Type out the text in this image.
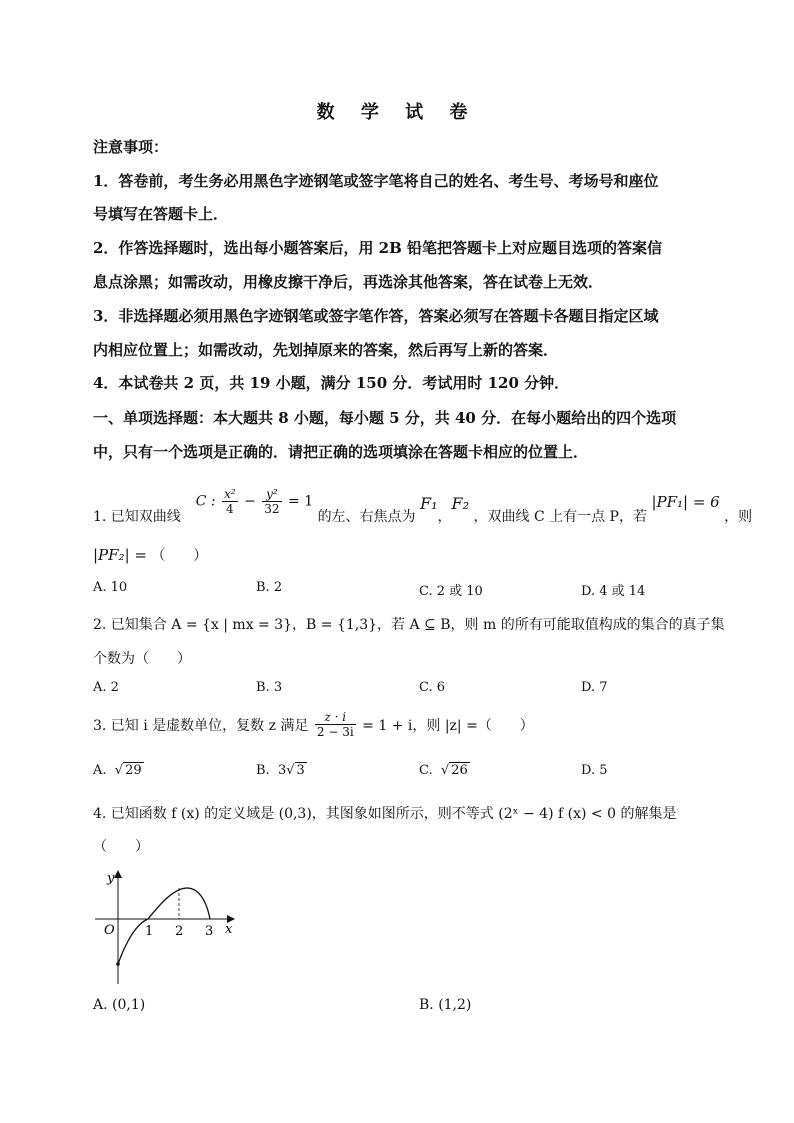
数 学 试 卷
注意事项：
1．答卷前，考生务必用黑色字迹钢笔或签字笔将自己的姓名、考生号、考场号和座位
号填写在答题卡上．
2．作答选择题时，选出每小题答案后，用 2B 铅笔把答题卡上对应题目选项的答案信
息点涂黑；如需改动，用橡皮擦干净后，再选涂其他答案，答在试卷上无效．
3．非选择题必须用黑色字迹钢笔或签字笔作答，答案必须写在答题卡各题目指定区域
内相应位置上；如需改动，先划掉原来的答案，然后再写上新的答案．
4．本试卷共 2 页，共 19 小题，满分 150 分．考试用时 120 分钟．
一、单项选择题：本大题共 8 小题，每小题 5 分，共 40 分．在每小题给出的四个选项
中，只有一个选项是正确的．请把正确的选项填涂在答题卡相应的位置上．
1. 已知双曲线  C : $\frac{\text{x²}}{4} - \frac{\text{y²}}{32} = 1$ 的左、右焦点为 F₁，F₂ ，双曲线 C 上有一点 P，若 |PF₁| = 6 ，则
|PF₂| = （　　）
A. 10	B. 2	C. 2 或 10	D. 4 或 14
2. 已知集合 A = {x | mx = 3}，B = {1,3}，若 A ⊆ B，则 m 的所有可能取值构成的集合的真子集
个数为（　　）
A. 2	B. 3	C. 6	D. 7
3. 已知 i 是虚数单位，复数 z 满足 $\frac{z \cdot i}{2 - 3i} = 1 + i$，则 |z| =（　　）
A. √ 29	B. 3√ 3	C. √ 26	D. 5
4. 已知函数 f (x) 的定义域是 (0,3)，其图象如图所示，则不等式 (2ˣ − 4) f (x) < 0 的解集是
（　　）
y
x
O 1 2 3
A. (0,1)	B. (1,2)
